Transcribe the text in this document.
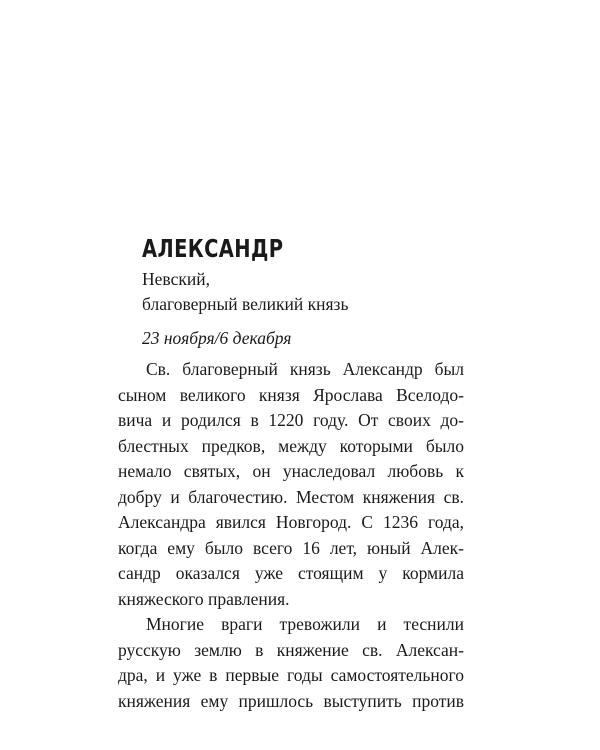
АЛЕКСАНДР
Невский,
благоверный великий князь
23 ноября/6 декабря
Св. благоверный князь Александр был
сыном великого князя Ярослава Вселодо-
вича и родился в 1220 году. От своих до-
блестных предков, между которыми было
немало святых, он унаследовал любовь к
добру и благочестию. Местом княжения св.
Александра явился Новгород. С 1236 года,
когда ему было всего 16 лет, юный Алек-
сандр оказался уже стоящим у кормила
княжеского правления.
Многие враги тревожили и теснили
русскую землю в княжение св. Алексан-
дра, и уже в первые годы самостоятельного
княжения ему пришлось выступить против
